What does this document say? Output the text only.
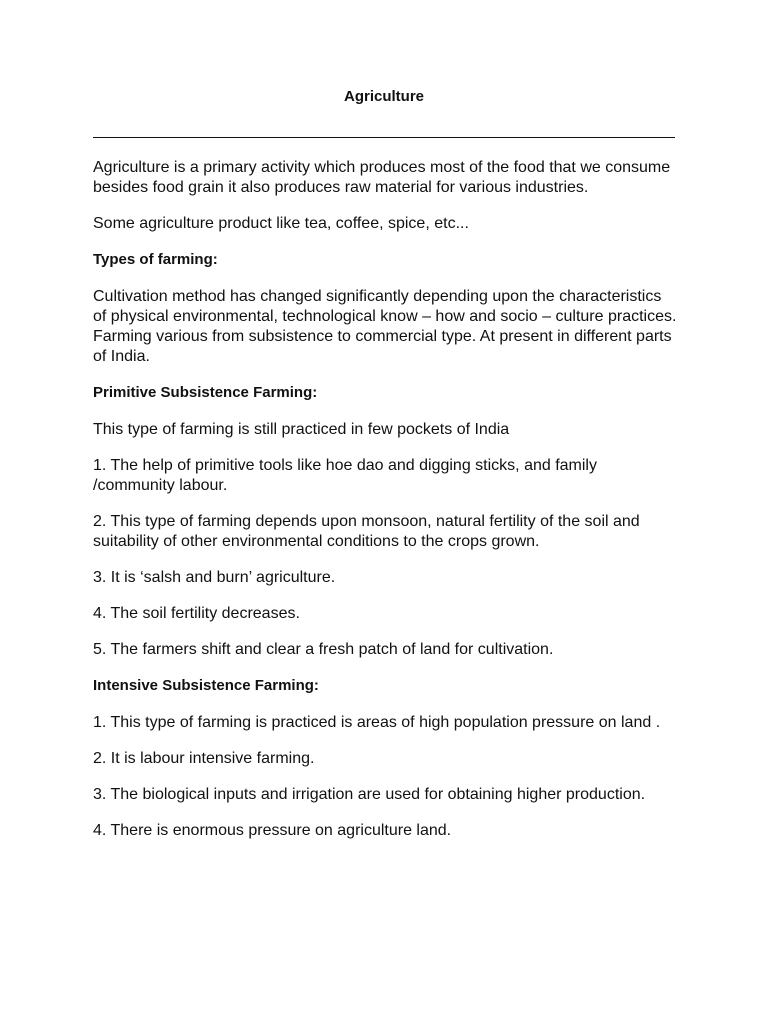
Agriculture

Agriculture is a primary activity which produces most of the food that we consume besides food grain it also produces raw material for various industries.

Some agriculture product like tea, coffee, spice, etc...

Types of farming:

Cultivation method has changed significantly depending upon the characteristics of physical environmental, technological know – how and socio – culture practices. Farming various from subsistence to commercial type. At present in different parts of India.

Primitive Subsistence Farming:

This type of farming is still practiced in few pockets of India

1. The help of primitive tools like hoe dao and digging sticks, and family /community labour.

2. This type of farming depends upon monsoon, natural fertility of the soil and suitability of other environmental conditions to the crops grown.

3. It is ‘salsh and burn’ agriculture.

4. The soil fertility decreases.

5. The farmers shift and clear a fresh patch of land for cultivation.

Intensive Subsistence Farming:

1. This type of farming is practiced is areas of high population pressure on land .

2. It is labour intensive farming.

3. The biological inputs and irrigation are used for obtaining higher production.

4. There is enormous pressure on agriculture land.
